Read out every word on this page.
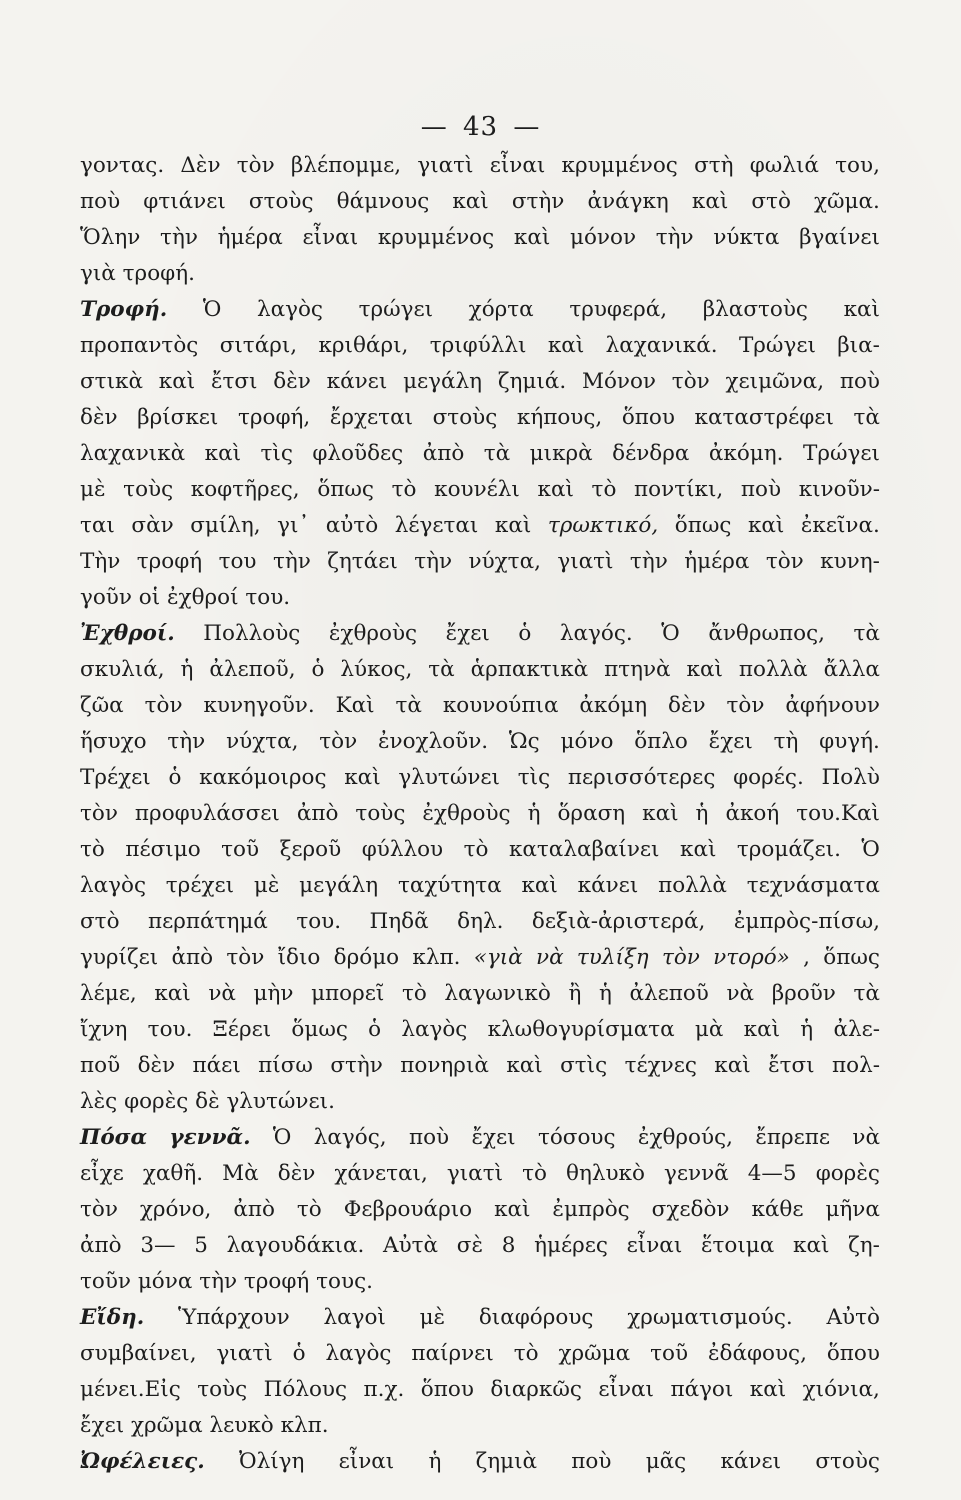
— 43 —
γοντας. Δὲν τὸν βλέπομμε, γιατὶ εἶναι κρυμμένος στὴ φωλιά του,
ποὺ φτιάνει στοὺς θάμνους καὶ στὴν ἀνάγκη καὶ στὸ χῶμα.
Ὅλην τὴν ἡμέρα εἶναι κρυμμένος καὶ μόνον τὴν νύκτα βγαίνει
γιὰ
τροφή.

Τροφή. Ὁ λαγὸς τρώγει χόρτα τρυφερά, βλαστοὺς καὶ
προπαντὸς σιτάρι, κριθάρι, τριφύλλι καὶ λαχανικά. Τρώγει βια-
στικὰ καὶ ἔτσι δὲν κάνει μεγάλη ζημιά. Μόνον τὸν χειμῶνα, ποὺ
δὲν βρίσκει τροφή, ἔρχεται στοὺς κήπους, ὅπου καταστρέφει τὰ
λαχανικὰ καὶ τὶς φλοῦδες ἀπὸ τὰ μικρὰ δένδρα ἀκόμη. Τρώγει
μὲ τοὺς κοφτῆρες, ὅπως τὸ κουνέλι καὶ τὸ ποντίκι, ποὺ κινοῦν-
ται σὰν σμίλη, γι᾽ αὐτὸ λέγεται καὶ τρωκτικό, ὅπως καὶ ἐκεῖνα.
Τὴν τροφή του τὴν ζητάει τὴν νύχτα, γιατὶ τὴν ἡμέρα τὸν κυνη-
γοῦν
οἱ
ἐχθροί
του.

Ἐχθροί. Πολλοὺς ἐχθροὺς ἔχει ὁ λαγός. Ὁ ἄνθρωπος, τὰ
σκυλιά, ἡ ἀλεποῦ, ὁ λύκος, τὰ ἁρπακτικὰ πτηνὰ καὶ πολλὰ ἄλλα
ζῶα τὸν κυνηγοῦν. Καὶ τὰ κουνούπια ἀκόμη δὲν τὸν ἀφήνουν
ἥσυχο τὴν νύχτα, τὸν ἐνοχλοῦν. Ὡς μόνο ὅπλο ἔχει τὴ φυγή.
Τρέχει ὁ κακόμοιρος καὶ γλυτώνει τὶς περισσότερες φορές. Πολὺ
τὸν προφυλάσσει ἀπὸ τοὺς ἐχθροὺς ἡ ὅραση καὶ ἡ ἀκοή του.Καὶ
τὸ πέσιμο τοῦ ξεροῦ φύλλου τὸ καταλαβαίνει καὶ τρομάζει. Ὁ
λαγὸς τρέχει μὲ μεγάλη ταχύτητα καὶ κάνει πολλὰ τεχνάσματα
στὸ περπάτημά του. Πηδᾶ δηλ. δεξιὰ-ἀριστερά, ἐμπρὸς-πίσω,
γυρίζει ἀπὸ τὸν ἴδιο δρόμο κλπ. «γιὰ νὰ τυλίξη τὸν ντορό» , ὅπως
λέμε, καὶ νὰ μὴν μπορεῖ τὸ λαγωνικὸ ἢ ἡ ἀλεποῦ νὰ βροῦν τὰ
ἴχνη του. Ξέρει ὅμως ὁ λαγὸς κλωθογυρίσματα μὰ καὶ ἡ ἀλε-
ποῦ δὲν πάει πίσω στὴν πονηριὰ καὶ στὶς τέχνες καὶ ἔτσι πολ-
λὲς
φορὲς
δὲ
γλυτώνει.

Πόσα γεννᾶ. Ὁ λαγός, ποὺ ἔχει τόσους ἐχθρούς, ἔπρεπε νὰ
εἶχε χαθῆ. Μὰ δὲν χάνεται, γιατὶ τὸ θηλυκὸ γεννᾶ 4—5 φορὲς
τὸν χρόνο, ἀπὸ τὸ Φεβρουάριο καὶ ἐμπρὸς σχεδὸν κάθε μῆνα
ἀπὸ 3— 5 λαγουδάκια. Αὐτὰ σὲ 8 ἡμέρες εἶναι ἕτοιμα καὶ ζη-
τοῦν
μόνα
τὴν
τροφή
τους.

Εἴδη. Ὑπάρχουν λαγοὶ μὲ διαφόρους χρωματισμούς. Αὐτὸ
συμβαίνει, γιατὶ ὁ λαγὸς παίρνει τὸ χρῶμα τοῦ ἐδάφους, ὅπου
μένει.Εἰς τοὺς Πόλους π.χ. ὅπου διαρκῶς εἶναι πάγοι καὶ χιόνια,
ἔχει
χρῶμα
λευκὸ
κλπ.

Ὠφέλειες. Ὀλίγη εἶναι ἡ ζημιὰ ποὺ μᾶς κάνει στοὺς
